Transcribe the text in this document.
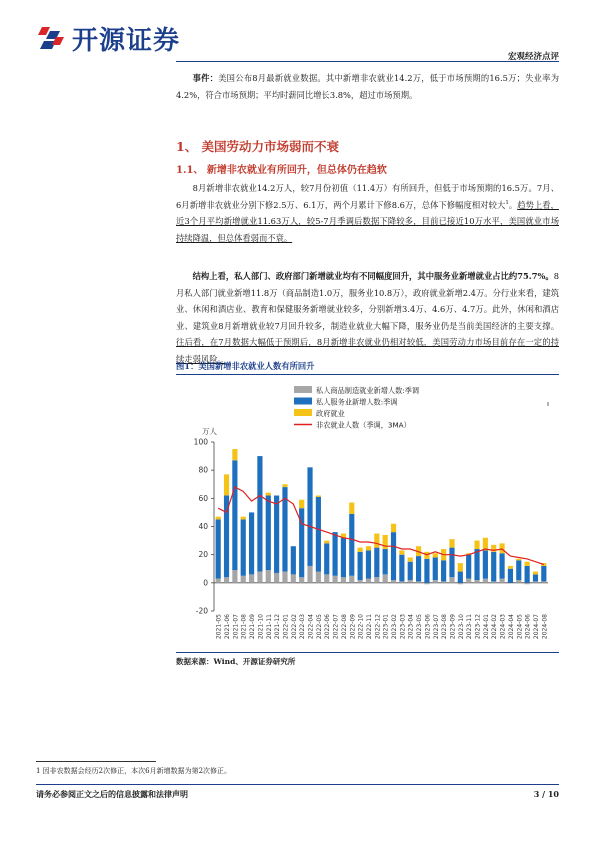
开源证券
宏观经济点评

事件：美国公布8月最新就业数据。其中新增非农就业14.2万，低于市场预期的16.5万；失业率为4.2%，符合市场预期；平均时薪同比增长3.8%，超过市场预期。

1、 美国劳动力市场弱而不衰
1.1、 新增非农就业有所回升，但总体仍在趋软

8月新增非农就业14.2万人，较7月份初值（11.4万）有所回升，但低于市场预期的16.5万。7月、6月新增非农就业分别下修2.5万、6.1万，两个月累计下修8.6万，总体下修幅度相对较大$^1$。趋势上看，近3个月平均新增就业11.63万人，较5-7月季调后数据下降较多，目前已接近10万水平，美国就业市场持续降温，但总体看弱而不衰。

结构上看，私人部门、政府部门新增就业均有不同幅度回升，其中服务业新增就业占比约75.7%。8月私人部门就业新增11.8万（商品制造1.0万，服务业10.8万），政府就业新增2.4万。分行业来看，建筑业、休闲和酒店业、教育和保健服务新增就业较多，分别新增3.4万、4.6万、4.7万。此外，休闲和酒店业、建筑业8月新增就业较7月回升较多，制造业就业大幅下降，服务业仍是当前美国经济的主要支撑。往后看，在7月数据大幅低于预期后，8月新增非农就业仍相对较低，美国劳动力市场目前存在一定的持续走弱风险。

图1：美国新增非农就业人数有所回升
万人
-20
0
20
40
60
80
100
2021-05 2021-06 2021-07 2021-08 2021-09 2021-10 2021-11 2021-12 2022-01 2022-02 2022-03 2022-04 2022-05 2022-06 2022-07 2022-08 2022-09 2022-10 2022-11 2022-12 2023-01 2023-02 2023-03 2023-04 2023-05 2023-06 2023-07 2023-08 2023-09 2023-10 2023-11 2023-12 2024-01 2024-02 2024-03 2024-04 2024-05 2024-06 2024-07 2024-08
私人商品制造就业新增人数:季调
私人服务业新增人数:季调
政府就业
非农就业人数（季调，3MA）
数据来源：Wind、开源证券研究所
1 因非农数据会经历2次修正，本次6月新增数据为第2次修正。
请务必参阅正文之后的信息披露和法律声明	3 / 10
